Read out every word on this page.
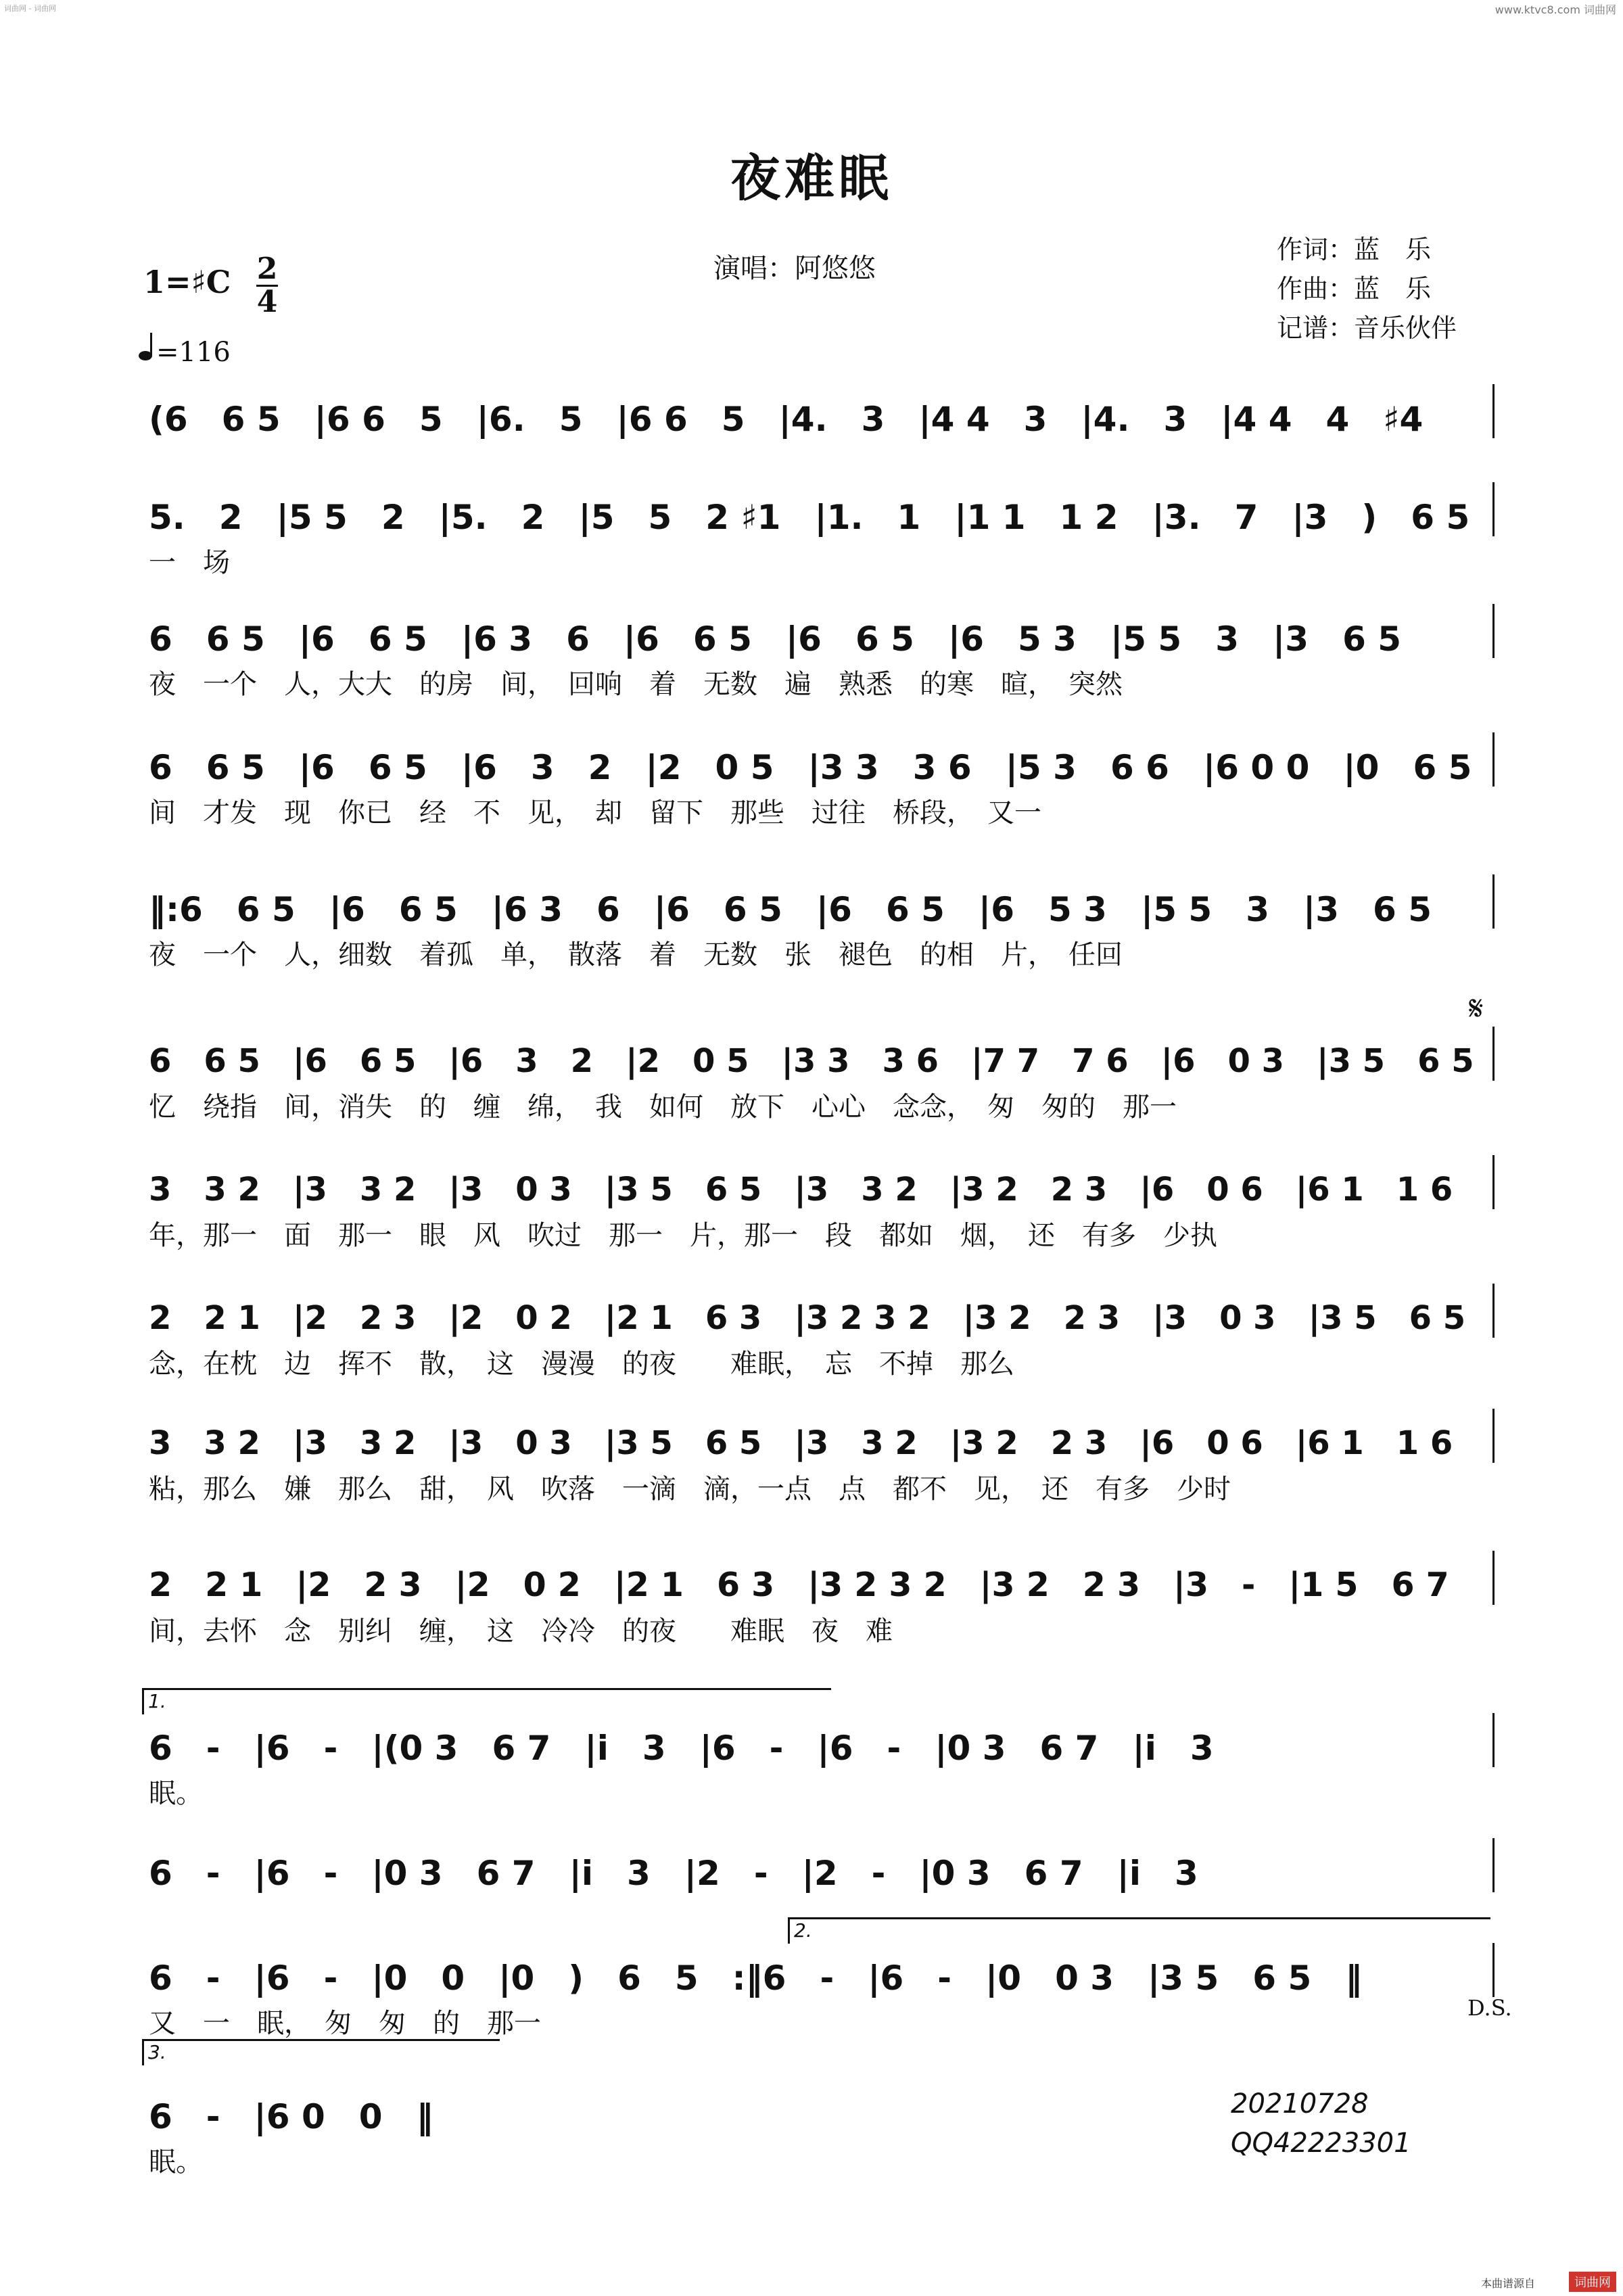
词曲网 - 词曲网	www.ktvc8.com 词曲网
夜难眠
演唱：阿悠悠
作词：蓝　乐
作曲：蓝　乐
记谱：音乐伙伴
1=♯C 2
4
=116
(6　6 5　|6 6　5　|6.　5　|6 6　5　|4.　3　|4 4　3　|4.　3　|4 4　4　♯4
5.　2　|5 5　2　|5.　2　|5　5　2 ♯1　|1.　1　|1 1　1 2　|3.　7　|3　)　6 5
一　场
6　6 5　|6　6 5　|6 3　6　|6　6 5　|6　6 5　|6　5 3　|5 5　3　|3　6 5
夜　一个　人，大大　的房　间，　回响　着　无数　遍　熟悉　的寒　暄，　突然
6　6 5　|6　6 5　|6　3　2　|2　0 5　|3 3　3 6　|5 3　6 6　|6 0 0　|0　6 5
间　才发　现　你已　经　不　见，　却　留下　那些　过往　桥段，　又一
‖:6　6 5　|6　6 5　|6 3　6　|6　6 5　|6　6 5　|6　5 3　|5 5　3　|3　6 5
夜　一个　人，细数　着孤　单，　散落　着　无数　张　褪色　的相　片，　任回
6　6 5　|6　6 5　|6　3　2　|2　0 5　|3 3　3 6　|7 7　7 6　|6　0 3　|3 5　6 5
忆　绕指　间，消失　的　缠　绵，　我　如何　放下　心心　念念，　匆　匆的　那一
3　3 2　|3　3 2　|3　0 3　|3 5　6 5　|3　3 2　|3 2　2 3　|6　0 6　|6 1　1 6
年，那一　面　那一　眼　风　吹过　那一　片，那一　段　都如　烟，　还　有多　少执
2　2 1　|2　2 3　|2　0 2　|2 1　6 3　|3 2 3 2　|3 2　2 3　|3　0 3　|3 5　6 5
念，在枕　边　挥不　散，　这　漫漫　的夜　　难眠，　忘　不掉　那么
3　3 2　|3　3 2　|3　0 3　|3 5　6 5　|3　3 2　|3 2　2 3　|6　0 6　|6 1　1 6
粘，那么　嫌　那么　甜，　风　吹落　一滴　滴，一点　点　都不　见，　还　有多　少时
2　2 1　|2　2 3　|2　0 2　|2 1　6 3　|3 2 3 2　|3 2　2 3　|3　-　|1 5　6 7
间，去怀　念　别纠　缠，　这　冷冷　的夜　　难眠　夜　难
6　-　|6　-　|(0 3　6 7　|i　3　|6　-　|6　-　|0 3　6 7　|i　3
眠。
6　-　|6　-　|0 3　6 7　|i　3　|2　-　|2　-　|0 3　6 7　|i　3
6　-　|6　-　|0　0　|0　)　6　5　:‖6　-　|6　-　|0　0 3　|3 5　6 5　‖
又　一　眠，　匆　匆　的　那一
6　-　|6 0　0　‖
眠。
𝄋
D.S.
20210728
QQ42223301
1.
2.
3.
本曲谱源自	词曲网
